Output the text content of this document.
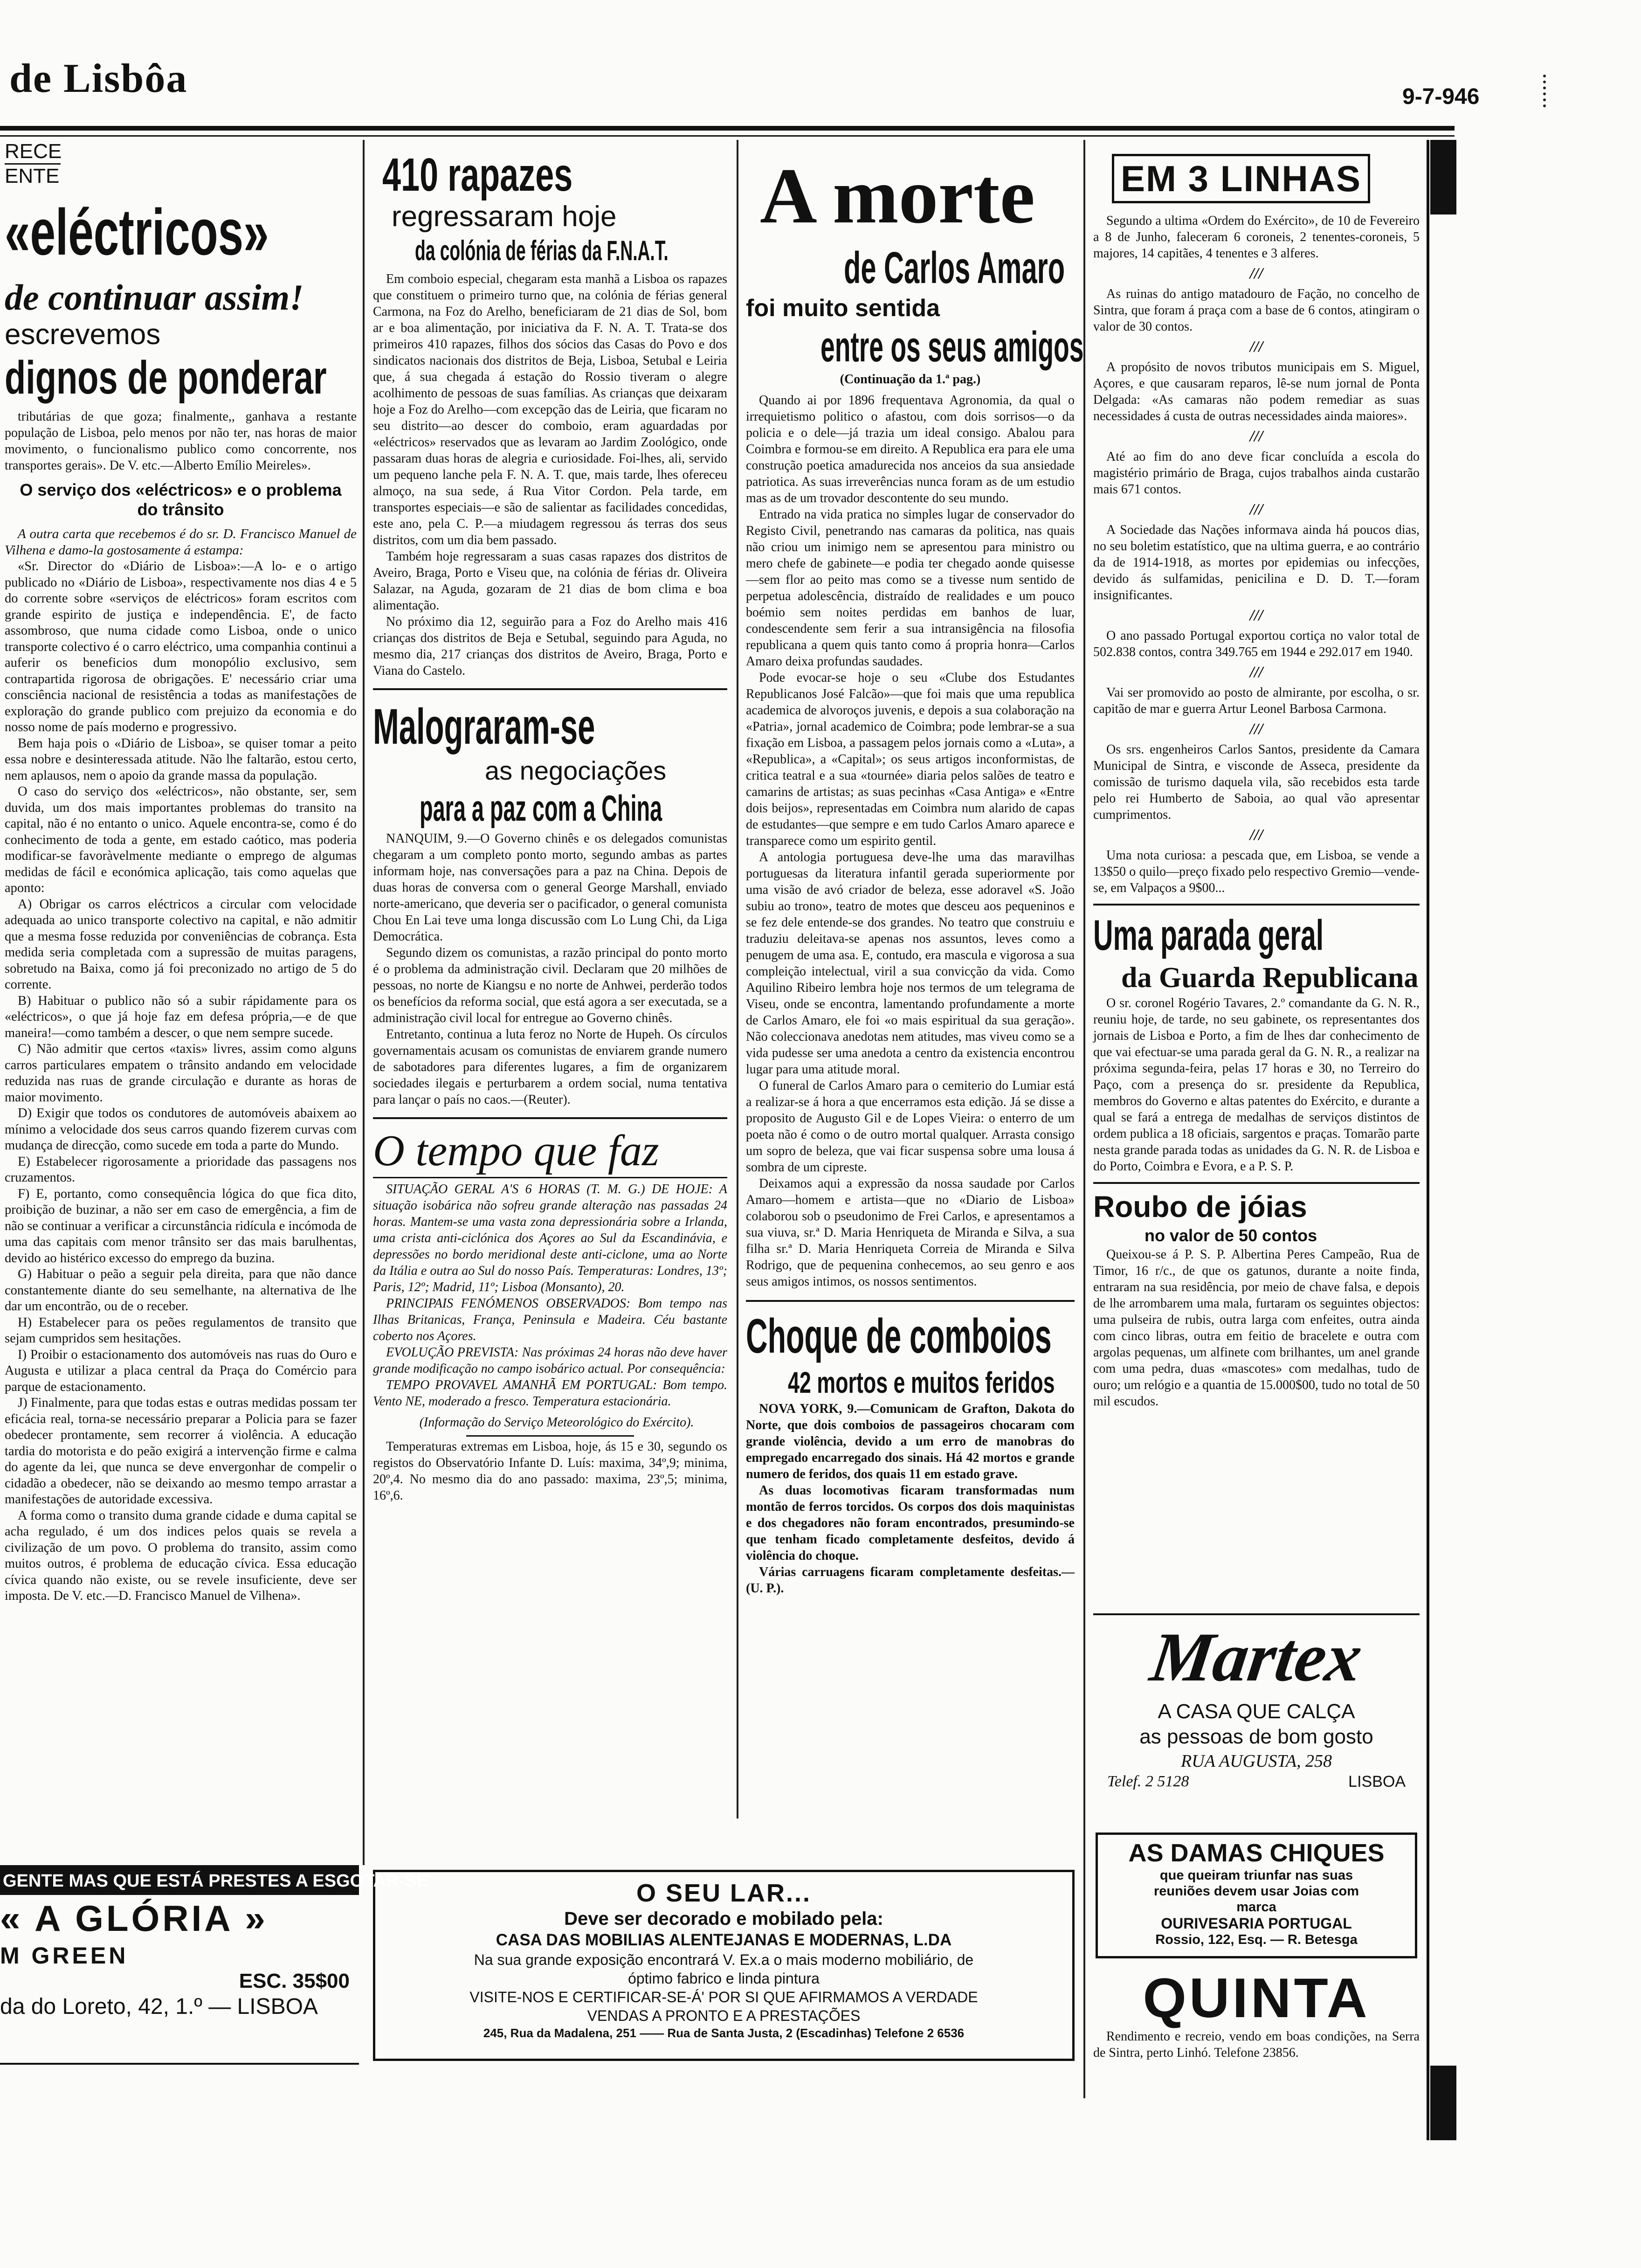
de Lisbôa	9-7-946
RECE
ENTE
«eléctricos»
de continuar assim!
escrevemos
dignos de ponderar

tributárias de que goza; finalmente,, ganhava a restante população de Lisboa, pelo menos por não ter, nas horas de maior movimento, o funcionalismo publico como concorrente, nos transportes gerais». De V. etc.—Alberto Emílio Meireles».

O serviço dos «eléctricos» e o problema do trânsito

A outra carta que recebemos é do sr. D. Francisco Manuel de Vilhena e damo-la gostosamente á estampa:

«Sr. Director do «Diário de Lisboa»:—A lo- e o artigo publicado no «Diário de Lisboa», respectivamente nos dias 4 e 5 do corrente sobre «serviços de eléctricos» foram escritos com grande espirito de justiça e independência. E', de facto assombroso, que numa cidade como Lisboa, onde o unico transporte colectivo é o carro eléctrico, uma companhia continui a auferir os beneficios dum monopólio exclusivo, sem contrapartida rigorosa de obrigações. E' necessário criar uma consciência nacional de resistência a todas as manifestações de exploração do grande publico com prejuizo da economia e do nosso nome de país moderno e progressivo.

Bem haja pois o «Diário de Lisboa», se quiser tomar a peito essa nobre e desinteressada atitude. Não lhe faltarão, estou certo, nem aplausos, nem o apoio da grande massa da população.

O caso do serviço dos «eléctricos», não obstante, ser, sem duvida, um dos mais importantes problemas do transito na capital, não é no entanto o unico. Aquele encontra-se, como é do conhecimento de toda a gente, em estado caótico, mas poderia modificar-se favoràvelmente mediante o emprego de algumas medidas de fácil e económica aplicação, tais como aquelas que aponto:

A) Obrigar os carros eléctricos a circular com velocidade adequada ao unico transporte colectivo na capital, e não admitir que a mesma fosse reduzida por conveniências de cobrança. Esta medida seria completada com a supressão de muitas paragens, sobretudo na Baixa, como já foi preconizado no artigo de 5 do corrente.

B) Habituar o publico não só a subir rápidamente para os «eléctricos», o que já hoje faz em defesa própria,—e de que maneira!—como também a descer, o que nem sempre sucede.

C) Não admitir que certos «taxis» livres, assim como alguns carros particulares empatem o trânsito andando em velocidade reduzida nas ruas de grande circulação e durante as horas de maior movimento.

D) Exigir que todos os condutores de automóveis abaixem ao mínimo a velocidade dos seus carros quando fizerem curvas com mudança de direcção, como sucede em toda a parte do Mundo.

E) Estabelecer rigorosamente a prioridade das passagens nos cruzamentos.

F) E, portanto, como consequência lógica do que fica dito, proibição de buzinar, a não ser em caso de emergência, a fim de não se continuar a verificar a circunstância ridícula e incómoda de uma das capitais com menor trânsito ser das mais barulhentas, devido ao histérico excesso do emprego da buzina.

G) Habituar o peão a seguir pela direita, para que não dance constantemente diante do seu semelhante, na alternativa de lhe dar um encontrão, ou de o receber.

H) Estabelecer para os peões regulamentos de transito que sejam cumpridos sem hesitações.

I) Proibir o estacionamento dos automóveis nas ruas do Ouro e Augusta e utilizar a placa central da Praça do Comércio para parque de estacionamento.

J) Finalmente, para que todas estas e outras medidas possam ter eficácia real, torna-se necessário preparar a Policia para se fazer obedecer prontamente, sem recorrer á violência. A educação tardia do motorista e do peão exigirá a intervenção firme e calma do agente da lei, que nunca se deve envergonhar de compelir o cidadão a obedecer, não se deixando ao mesmo tempo arrastar a manifestações de autoridade excessiva.

A forma como o transito duma grande cidade e duma capital se acha regulado, é um dos indices pelos quais se revela a civilização de um povo. O problema do transito, assim como muitos outros, é problema de educação cívica. Essa educação cívica quando não existe, ou se revele insuficiente, deve ser imposta. De V. etc.—D. Francisco Manuel de Vilhena».

410 rapazes
regressaram hoje
da colónia de férias da F.N.A.T.

Em comboio especial, chegaram esta manhã a Lisboa os rapazes que constituem o primeiro turno que, na colónia de férias general Carmona, na Foz do Arelho, beneficiaram de 21 dias de Sol, bom ar e boa alimentação, por iniciativa da F. N. A. T. Trata-se dos primeiros 410 rapazes, filhos dos sócios das Casas do Povo e dos sindicatos nacionais dos distritos de Beja, Lisboa, Setubal e Leiria que, á sua chegada á estação do Rossio tiveram o alegre acolhimento de pessoas de suas famílias. As crianças que deixaram hoje a Foz do Arelho—com excepção das de Leiria, que ficaram no seu distrito—ao descer do comboio, eram aguardadas por «eléctricos» reservados que as levaram ao Jardim Zoológico, onde passaram duas horas de alegria e curiosidade. Foi-lhes, ali, servido um pequeno lanche pela F. N. A. T. que, mais tarde, lhes ofereceu almoço, na sua sede, á Rua Vitor Cordon. Pela tarde, em transportes especiais—e são de salientar as facilidades concedidas, este ano, pela C. P.—a miudagem regressou ás terras dos seus distritos, com um dia bem passado.

Também hoje regressaram a suas casas rapazes dos distritos de Aveiro, Braga, Porto e Viseu que, na colónia de férias dr. Oliveira Salazar, na Aguda, gozaram de 21 dias de bom clima e boa alimentação.

No próximo dia 12, seguirão para a Foz do Arelho mais 416 crianças dos distritos de Beja e Setubal, seguindo para Aguda, no mesmo dia, 217 crianças dos distritos de Aveiro, Braga, Porto e Viana do Castelo.

Malograram-se
as negociações
para a paz com a China

NANQUIM, 9.—O Governo chinês e os delegados comunistas chegaram a um completo ponto morto, segundo ambas as partes informam hoje, nas conversações para a paz na China. Depois de duas horas de conversa com o general George Marshall, enviado norte-americano, que deveria ser o pacificador, o general comunista Chou En Lai teve uma longa discussão com Lo Lung Chi, da Liga Democrática.

Segundo dizem os comunistas, a razão principal do ponto morto é o problema da administração civil. Declaram que 20 milhões de pessoas, no norte de Kiangsu e no norte de Anhwei, perderão todos os benefícios da reforma social, que está agora a ser executada, se a administração civil local for entregue ao Governo chinês.

Entretanto, continua a luta feroz no Norte de Hupeh. Os círculos governamentais acusam os comunistas de enviarem grande numero de sabotadores para diferentes lugares, a fim de organizarem sociedades ilegais e perturbarem a ordem social, numa tentativa para lançar o país no caos.—(Reuter).

O tempo que faz

SITUAÇÃO GERAL A'S 6 HORAS (T. M. G.) DE HOJE: A situação isobárica não sofreu grande alteração nas passadas 24 horas. Mantem-se uma vasta zona depressionária sobre a Irlanda, uma crista anti-ciclónica dos Açores ao Sul da Escandinávia, e depressões no bordo meridional deste anti-ciclone, uma ao Norte da Itália e outra ao Sul do nosso País. Temperaturas: Londres, 13º; Paris, 12º; Madrid, 11º; Lisboa (Monsanto), 20.

PRINCIPAIS FENÓMENOS OBSERVADOS: Bom tempo nas Ilhas Britanicas, França, Peninsula e Madeira. Céu bastante coberto nos Açores.

EVOLUÇÃO PREVISTA: Nas próximas 24 horas não deve haver grande modificação no campo isobárico actual. Por consequência:

TEMPO PROVAVEL AMANHÃ EM PORTUGAL: Bom tempo. Vento NE, moderado a fresco. Temperatura estacionária.

(Informação do Serviço Meteorológico do Exército).

Temperaturas extremas em Lisboa, hoje, ás 15 e 30, segundo os registos do Observatório Infante D. Luís: maxima, 34º,9; minima, 20º,4. No mesmo dia do ano passado: maxima, 23º,5; minima, 16º,6.

A morte
de Carlos Amaro
foi muito sentida
entre os seus amigos
(Continuação da 1.ª pag.)

Quando ai por 1896 frequentava Agronomia, da qual o irrequietismo politico o afastou, com dois sorrisos—o da policia e o dele—já trazia um ideal consigo. Abalou para Coimbra e formou-se em direito. A Republica era para ele uma construção poetica amadurecida nos anceios da sua ansiedade patriotica. As suas irreverências nunca foram as de um estudio mas as de um trovador descontente do seu mundo.

Entrado na vida pratica no simples lugar de conservador do Registo Civil, penetrando nas camaras da politica, nas quais não criou um inimigo nem se apresentou para ministro ou mero chefe de gabinete—e podia ter chegado aonde quisesse—sem flor ao peito mas como se a tivesse num sentido de perpetua adolescência, distraído de realidades e um pouco boémio sem noites perdidas em banhos de luar, condescendente sem ferir a sua intransigência na filosofia republicana a quem quis tanto como á propria honra—Carlos Amaro deixa profundas saudades.

Pode evocar-se hoje o seu «Clube dos Estudantes Republicanos José Falcão»—que foi mais que uma republica academica de alvoroços juvenis, e depois a sua colaboração na «Patria», jornal academico de Coimbra; pode lembrar-se a sua fixação em Lisboa, a passagem pelos jornais como a «Luta», a «Republica», a «Capital»; os seus artigos inconformistas, de critica teatral e a sua «tournée» diaria pelos salões de teatro e camarins de artistas; as suas pecinhas «Casa Antiga» e «Entre dois beijos», representadas em Coimbra num alarido de capas de estudantes—que sempre e em tudo Carlos Amaro aparece e transparece como um espirito gentil.

A antologia portuguesa deve-lhe uma das maravilhas portuguesas da literatura infantil gerada superiormente por uma visão de avó criador de beleza, esse adoravel «S. João subiu ao trono», teatro de motes que desceu aos pequeninos e se fez dele entende-se dos grandes. No teatro que construiu e traduziu deleitava-se apenas nos assuntos, leves como a penugem de uma asa. E, contudo, era mascula e vigorosa a sua compleição intelectual, viril a sua convicção da vida. Como Aquilino Ribeiro lembra hoje nos termos de um telegrama de Viseu, onde se encontra, lamentando profundamente a morte de Carlos Amaro, ele foi «o mais espiritual da sua geração». Não coleccionava anedotas nem atitudes, mas viveu como se a vida pudesse ser uma anedota a centro da existencia encontrou lugar para uma atitude moral.

O funeral de Carlos Amaro para o cemiterio do Lumiar está a realizar-se á hora a que encerramos esta edição. Já se disse a proposito de Augusto Gil e de Lopes Vieira: o enterro de um poeta não é como o de outro mortal qualquer. Arrasta consigo um sopro de beleza, que vai ficar suspensa sobre uma lousa á sombra de um cipreste.

Deixamos aqui a expressão da nossa saudade por Carlos Amaro—homem e artista—que no «Diario de Lisboa» colaborou sob o pseudonimo de Frei Carlos, e apresentamos a sua viuva, sr.ª D. Maria Henriqueta de Miranda e Silva, a sua filha sr.ª D. Maria Henriqueta Correia de Miranda e Silva Rodrigo, que de pequenina conhecemos, ao seu genro e aos seus amigos intimos, os nossos sentimentos.

Choque de comboios
42 mortos e muitos feridos

NOVA YORK, 9.—Comunicam de Grafton, Dakota do Norte, que dois comboios de passageiros chocaram com grande violência, devido a um erro de manobras do empregado encarregado dos sinais. Há 42 mortos e grande numero de feridos, dos quais 11 em estado grave.

As duas locomotivas ficaram transformadas num montão de ferros torcidos. Os corpos dos dois maquinistas e dos chegadores não foram encontrados, presumindo-se que tenham ficado completamente desfeitos, devido á violência do choque.

Várias carruagens ficaram completamente desfeitas.—(U. P.).

EM 3 LINHAS

Segundo a ultima «Ordem do Exército», de 10 de Fevereiro a 8 de Junho, faleceram 6 coroneis, 2 tenentes-coroneis, 5 majores, 14 capitães, 4 tenentes e 3 alferes.

///

As ruinas do antigo matadouro de Fação, no concelho de Sintra, que foram á praça com a base de 6 contos, atingiram o valor de 30 contos.

///

A propósito de novos tributos municipais em S. Miguel, Açores, e que causaram reparos, lê-se num jornal de Ponta Delgada: «As camaras não podem remediar as suas necessidades á custa de outras necessidades ainda maiores».

///

Até ao fim do ano deve ficar concluída a escola do magistério primário de Braga, cujos trabalhos ainda custarão mais 671 contos.

///

A Sociedade das Nações informava ainda há poucos dias, no seu boletim estatístico, que na ultima guerra, e ao contrário da de 1914-1918, as mortes por epidemias ou infecções, devido ás sulfamidas, penicilina e D. D. T.—foram insignificantes.

///

O ano passado Portugal exportou cortiça no valor total de 502.838 contos, contra 349.765 em 1944 e 292.017 em 1940.

///

Vai ser promovido ao posto de almirante, por escolha, o sr. capitão de mar e guerra Artur Leonel Barbosa Carmona.

///

Os srs. engenheiros Carlos Santos, presidente da Camara Municipal de Sintra, e visconde de Asseca, presidente da comissão de turismo daquela vila, são recebidos esta tarde pelo rei Humberto de Saboia, ao qual vão apresentar cumprimentos.

///

Uma nota curiosa: a pescada que, em Lisboa, se vende a 13$50 o quilo—preço fixado pelo respectivo Gremio—vende-se, em Valpaços a 9$00...

Uma parada geral
da Guarda Republicana

O sr. coronel Rogério Tavares, 2.º comandante da G. N. R., reuniu hoje, de tarde, no seu gabinete, os representantes dos jornais de Lisboa e Porto, a fim de lhes dar conhecimento de que vai efectuar-se uma parada geral da G. N. R., a realizar na próxima segunda-feira, pelas 17 horas e 30, no Terreiro do Paço, com a presença do sr. presidente da Republica, membros do Governo e altas patentes do Exército, e durante a qual se fará a entrega de medalhas de serviços distintos de ordem publica a 18 oficiais, sargentos e praças. Tomarão parte nesta grande parada todas as unidades da G. N. R. de Lisboa e do Porto, Coimbra e Evora, e a P. S. P.

Roubo de jóias
no valor de 50 contos

Queixou-se á P. S. P. Albertina Peres Campeão, Rua de Timor, 16 r/c., de que os gatunos, durante a noite finda, entraram na sua residência, por meio de chave falsa, e depois de lhe arrombarem uma mala, furtaram os seguintes objectos: uma pulseira de rubis, outra larga com enfeites, outra ainda com cinco libras, outra em feitio de bracelete e outra com argolas pequenas, um alfinete com brilhantes, um anel grande com uma pedra, duas «mascotes» com medalhas, tudo de ouro; um relógio e a quantia de 15.000$00, tudo no total de 50 mil escudos.

Martex
A CASA QUE CALÇA
as pessoas de bom gosto
RUA AUGUSTA, 258
Telef. 2 5128	LISBOA
AS DAMAS CHIQUES
que queiram triunfar nas suas
reuniões devem usar Joias com
marca
OURIVESARIA PORTUGAL
Rossio, 122, Esq. — R. Betesga
QUINTA

Rendimento e recreio, vendo em boas condições, na Serra de Sintra, perto Linhó. Telefone 23856.

O SEU LAR...
Deve ser decorado e mobilado pela:
CASA DAS MOBILIAS ALENTEJANAS E MODERNAS, L.DA
Na sua grande exposição encontrará V. Ex.a o mais moderno mobiliário, de
óptimo fabrico e linda pintura
VISITE-NOS E CERTIFICAR-SE-Á' POR SI QUE AFIRMAMOS A VERDADE
VENDAS A PRONTO E A PRESTAÇÕES
245, Rua da Madalena, 251 —— Rua de Santa Justa, 2 (Escadinhas) Telefone 2 6536
GENTE MAS QUE ESTÁ PRESTES A ESGOTAR-SE
« A GLÓRIA »
M GREEN
ESC. 35$00
da do Loreto, 42, 1.º — LISBOA
